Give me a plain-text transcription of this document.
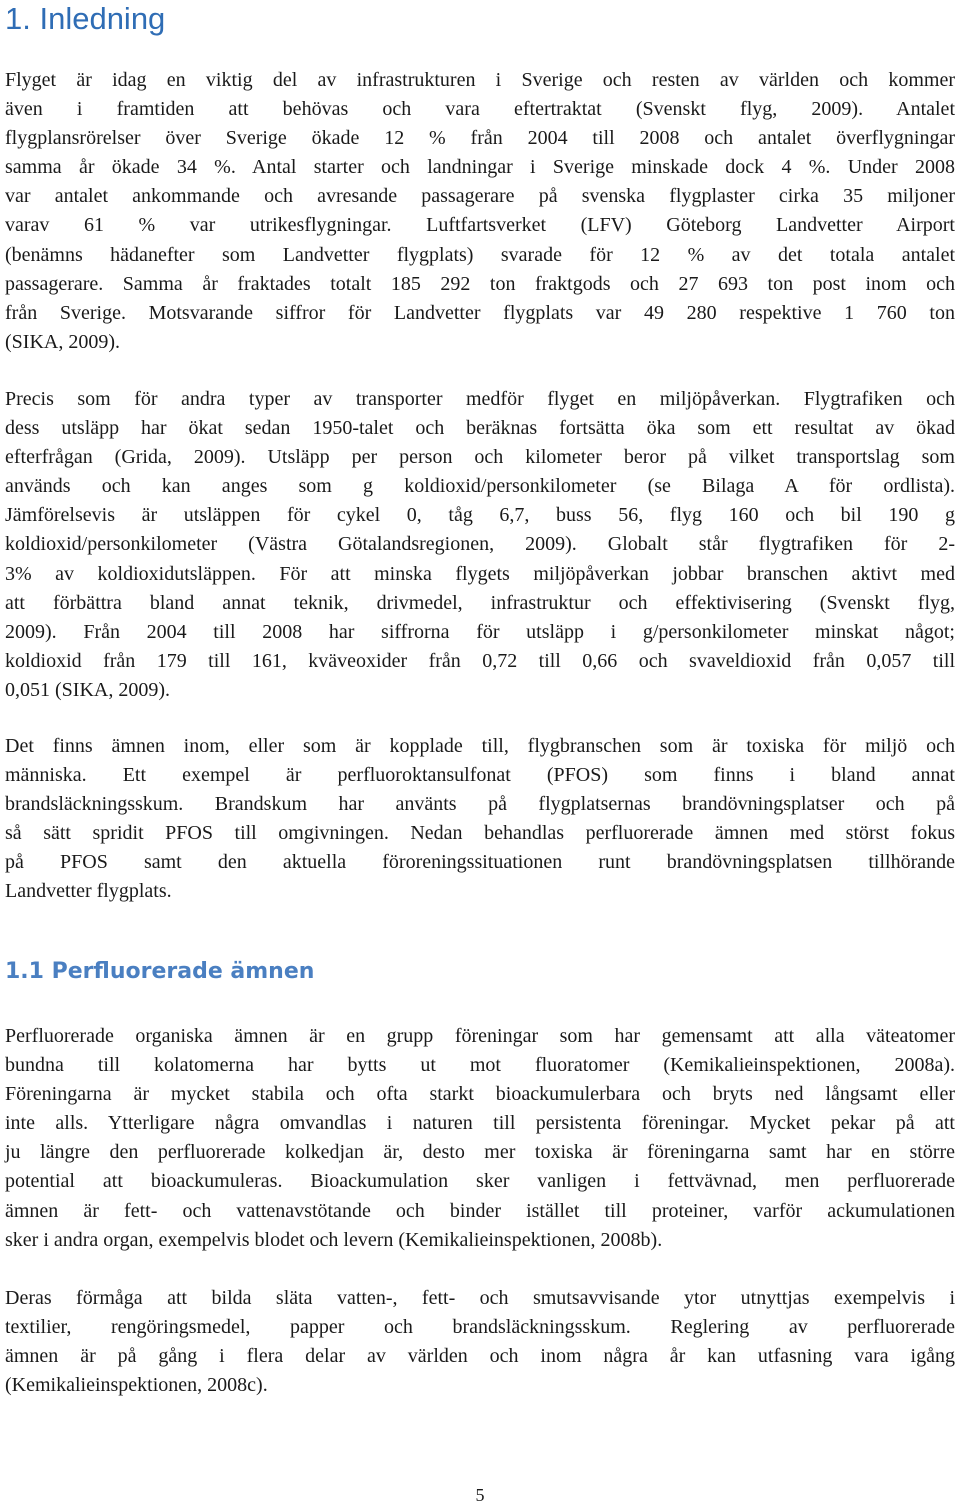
1. Inledning
Flyget är idag en viktig del av infrastrukturen i Sverige och resten av världen och kommer
även i framtiden att behövas och vara eftertraktat (Svenskt flyg, 2009). Antalet
flygplansrörelser över Sverige ökade 12 % från 2004 till 2008 och antalet överflygningar
samma år ökade 34 %. Antal starter och landningar i Sverige minskade dock 4 %. Under 2008
var antalet ankommande och avresande passagerare på svenska flygplaster cirka 35 miljoner
varav 61 % var utrikesflygningar. Luftfartsverket (LFV) Göteborg Landvetter Airport
(benämns hädanefter som Landvetter flygplats) svarade för 12 % av det totala antalet
passagerare. Samma år fraktades totalt 185 292 ton fraktgods och 27 693 ton post inom och
från Sverige. Motsvarande siffror för Landvetter flygplats var 49 280 respektive 1 760 ton
(SIKA, 2009).
Precis som för andra typer av transporter medför flyget en miljöpåverkan. Flygtrafiken och
dess utsläpp har ökat sedan 1950-talet och beräknas fortsätta öka som ett resultat av ökad
efterfrågan (Grida, 2009). Utsläpp per person och kilometer beror på vilket transportslag som
används och kan anges som g koldioxid/personkilometer (se Bilaga A för ordlista).
Jämförelsevis är utsläppen för cykel 0, tåg 6,7, buss 56, flyg 160 och bil 190 g
koldioxid/personkilometer (Västra Götalandsregionen, 2009). Globalt står flygtrafiken för 2-
3% av koldioxidutsläppen. För att minska flygets miljöpåverkan jobbar branschen aktivt med
att förbättra bland annat teknik, drivmedel, infrastruktur och effektivisering (Svenskt flyg,
2009). Från 2004 till 2008 har siffrorna för utsläpp i g/personkilometer minskat något;
koldioxid från 179 till 161, kväveoxider från 0,72 till 0,66 och svaveldioxid från 0,057 till
0,051 (SIKA, 2009).
Det finns ämnen inom, eller som är kopplade till, flygbranschen som är toxiska för miljö och
människa. Ett exempel är perfluoroktansulfonat (PFOS) som finns i bland annat
brandsläckningsskum. Brandskum har använts på flygplatsernas brandövningsplatser och på
så sätt spridit PFOS till omgivningen. Nedan behandlas perfluorerade ämnen med störst fokus
på PFOS samt den aktuella föroreningssituationen runt brandövningsplatsen tillhörande
Landvetter flygplats.
1.1 Perfluorerade ämnen
Perfluorerade organiska ämnen är en grupp föreningar som har gemensamt att alla väteatomer
bundna till kolatomerna har bytts ut mot fluoratomer (Kemikalieinspektionen, 2008a).
Föreningarna är mycket stabila och ofta starkt bioackumulerbara och bryts ned långsamt eller
inte alls. Ytterligare några omvandlas i naturen till persistenta föreningar. Mycket pekar på att
ju längre den perfluorerade kolkedjan är, desto mer toxiska är föreningarna samt har en större
potential att bioackumuleras. Bioackumulation sker vanligen i fettvävnad, men perfluorerade
ämnen är fett- och vattenavstötande och binder istället till proteiner, varför ackumulationen
sker i andra organ, exempelvis blodet och levern (Kemikalieinspektionen, 2008b).
Deras förmåga att bilda släta vatten-, fett- och smutsavvisande ytor utnyttjas exempelvis i
textilier, rengöringsmedel, papper och brandsläckningsskum. Reglering av perfluorerade
ämnen är på gång i flera delar av världen och inom några år kan utfasning vara igång
(Kemikalieinspektionen, 2008c).
5
